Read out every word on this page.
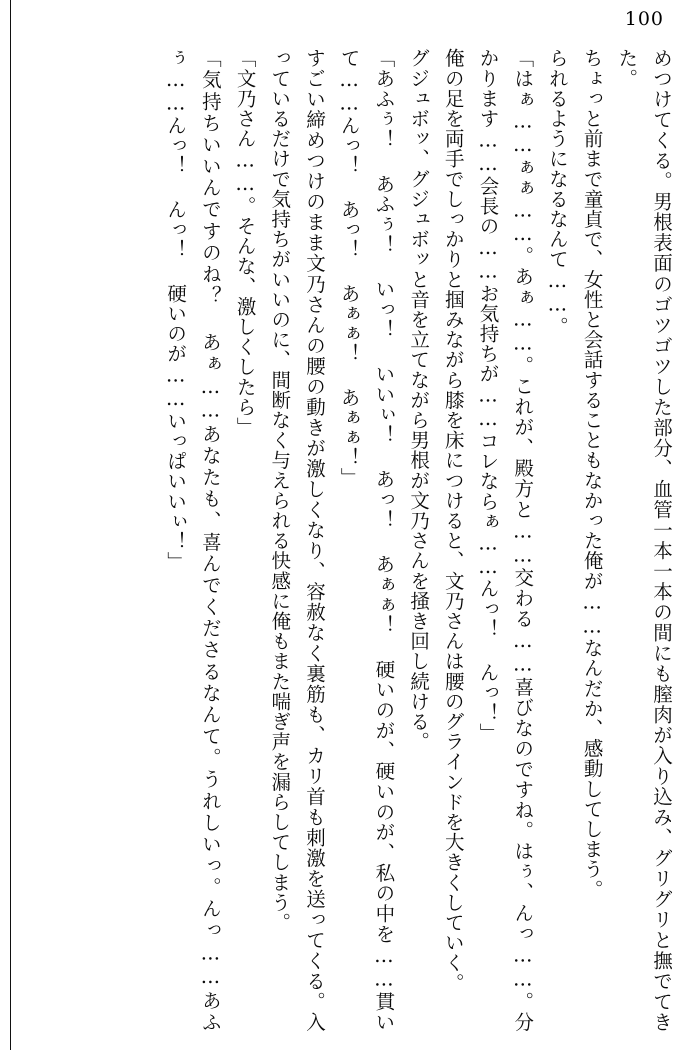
100

めつけてくる。男根表面のゴツゴツした部分、血管一本一本の間にも膣肉が入り込み、グリグリと撫でてきた。

ちょっと前まで童貞で、女性と会話することもなかった俺が……なんだか、感動してしまう。

られるようになるなんて……。

「はぁ……ぁぁ……。あぁ……。これが、殿方と……交わる……喜びなのですね。はぅ、んっ……。分かります……会長の……お気持ちが……コレならぁ……んっ！ んっ！」

俺の足を両手でしっかりと掴みながら膝を床につけると、文乃さんは腰のグラインドを大きくしていく。

グジュボッ、グジュボッと音を立てながら男根が文乃さんを掻き回し続ける。

「あふぅ！ あふぅ！ いっ！ いいぃ！ あっ！ あぁぁ！ 硬いのが、硬いのが、私の中を……貫いて……んっ！ あっ！ あぁぁ！ あぁぁ！」

すごい締めつけのまま文乃さんの腰の動きが激しくなり、容赦なく裏筋も、カリ首も刺激を送ってくる。入っているだけで気持ちがいいのに、間断なく与えられる快感に俺もまた喘ぎ声を漏らしてしまう。

「文乃さん……。そんな、激しくしたら」

「気持ちいいんですのね？ あぁ……あなたも、喜んでくださるなんて。うれしいっ。んっ……あふぅ……んっ！ んっ！ 硬いのが……いっぱいいぃ！」
